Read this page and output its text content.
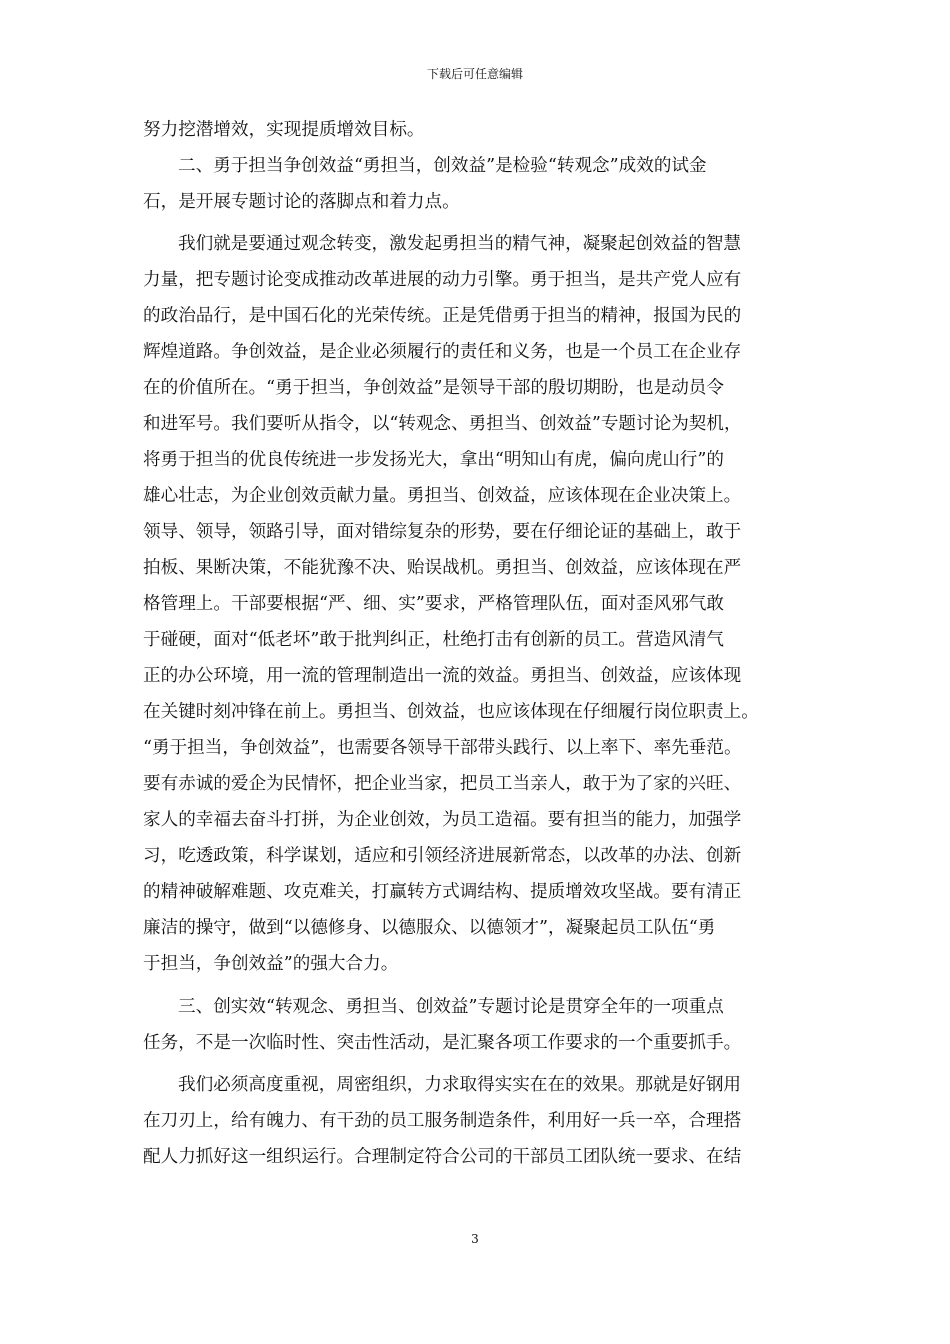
下载后可任意编辑
努力挖潜增效，实现提质增效目标。
二、勇于担当争创效益“勇担当，创效益”是检验“转观念”成效的试金
石，是开展专题讨论的落脚点和着力点。
我们就是要通过观念转变，激发起勇担当的精气神，凝聚起创效益的智慧
力量，把专题讨论变成推动改革进展的动力引擎。勇于担当，是共产党人应有
的政治品行，是中国石化的光荣传统。正是凭借勇于担当的精神，报国为民的
辉煌道路。争创效益，是企业必须履行的责任和义务，也是一个员工在企业存
在的价值所在。“勇于担当，争创效益”是领导干部的殷切期盼，也是动员令
和进军号。我们要听从指令，以“转观念、勇担当、创效益”专题讨论为契机，
将勇于担当的优良传统进一步发扬光大，拿出“明知山有虎，偏向虎山行”的
雄心壮志，为企业创效贡献力量。勇担当、创效益，应该体现在企业决策上。
领导、领导，领路引导，面对错综复杂的形势，要在仔细论证的基础上，敢于
拍板、果断决策，不能犹豫不决、贻误战机。勇担当、创效益，应该体现在严
格管理上。干部要根据“严、细、实”要求，严格管理队伍，面对歪风邪气敢
于碰硬，面对“低老坏”敢于批判纠正，杜绝打击有创新的员工。营造风清气
正的办公环境，用一流的管理制造出一流的效益。勇担当、创效益，应该体现
在关键时刻冲锋在前上。勇担当、创效益，也应该体现在仔细履行岗位职责上。
“勇于担当，争创效益”，也需要各领导干部带头践行、以上率下、率先垂范。
要有赤诚的爱企为民情怀，把企业当家，把员工当亲人，敢于为了家的兴旺、
家人的幸福去奋斗打拼，为企业创效，为员工造福。要有担当的能力，加强学
习，吃透政策，科学谋划，适应和引领经济进展新常态，以改革的办法、创新
的精神破解难题、攻克难关，打赢转方式调结构、提质增效攻坚战。要有清正
廉洁的操守，做到“以德修身、以德服众、以德领才”，凝聚起员工队伍“勇
于担当，争创效益”的强大合力。
三、创实效“转观念、勇担当、创效益”专题讨论是贯穿全年的一项重点
任务，不是一次临时性、突击性活动，是汇聚各项工作要求的一个重要抓手。
我们必须高度重视，周密组织，力求取得实实在在的效果。那就是好钢用
在刀刃上，给有魄力、有干劲的员工服务制造条件，利用好一兵一卒，合理搭
配人力抓好这一组织运行。合理制定符合公司的干部员工团队统一要求、在结
3
